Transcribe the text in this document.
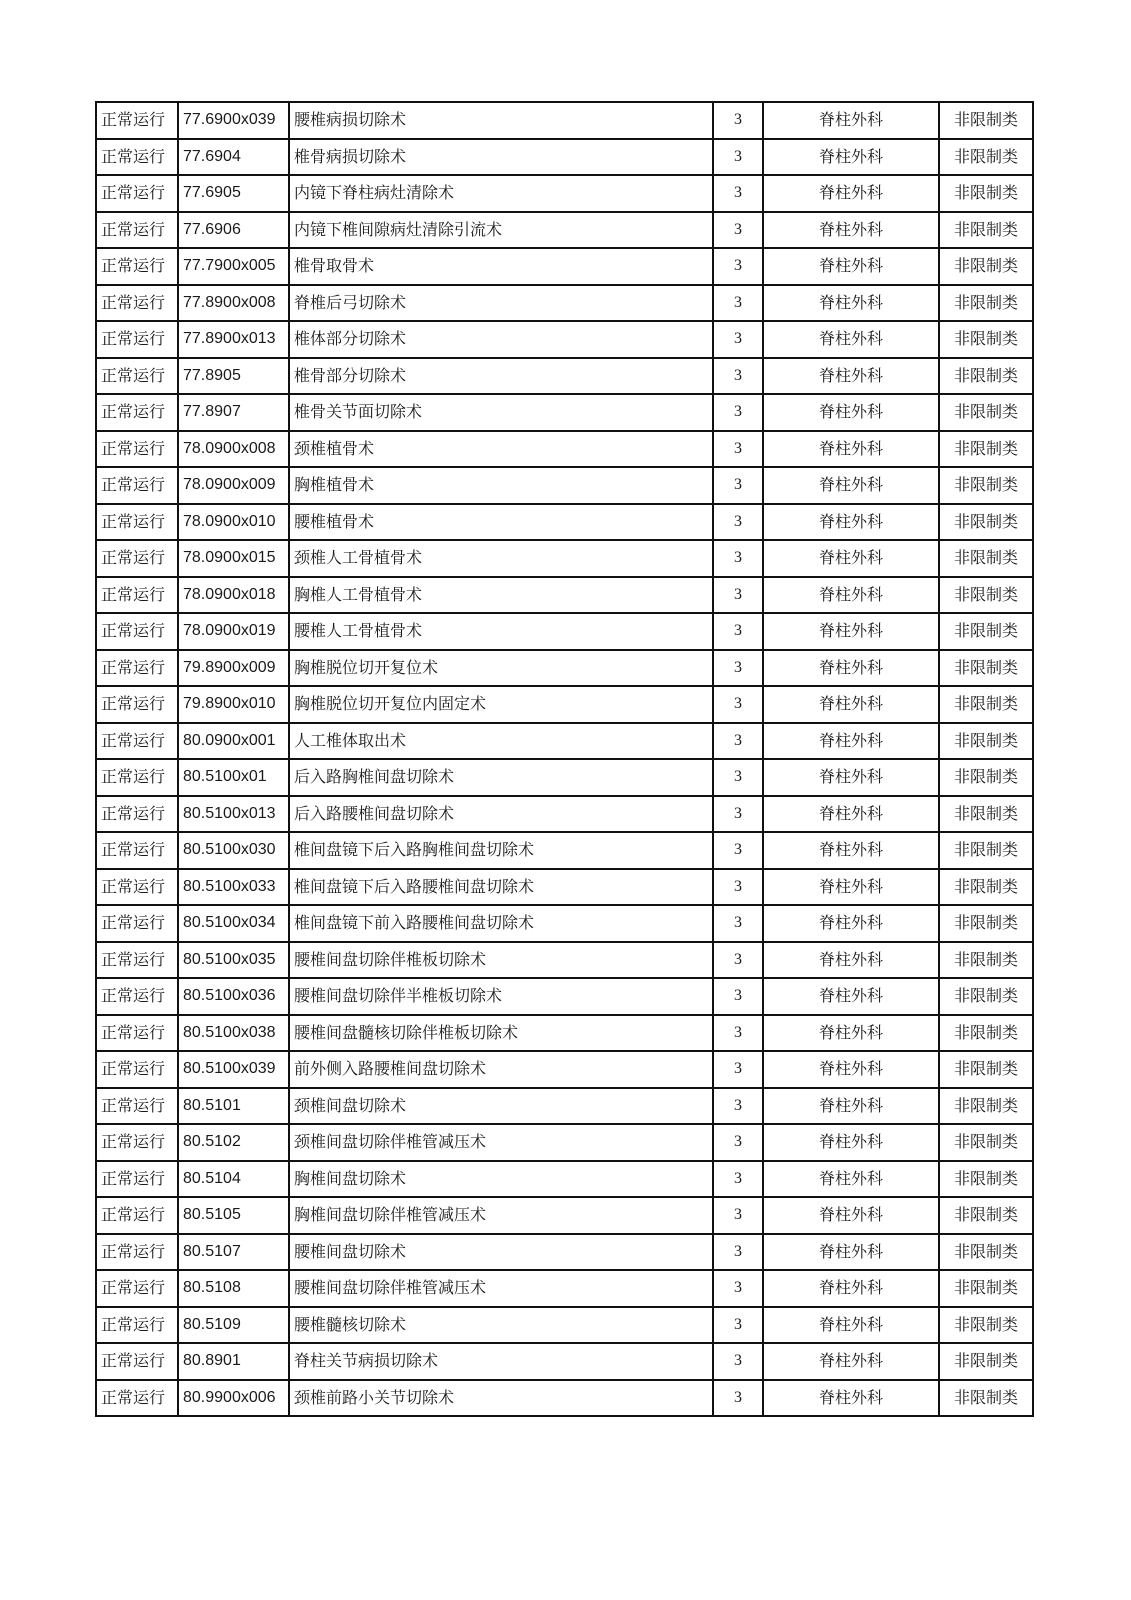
正常运行	77.6900x039	腰椎病损切除术	3	脊柱外科	非限制类
正常运行	77.6904	椎骨病损切除术	3	脊柱外科	非限制类
正常运行	77.6905	内镜下脊柱病灶清除术	3	脊柱外科	非限制类
正常运行	77.6906	内镜下椎间隙病灶清除引流术	3	脊柱外科	非限制类
正常运行	77.7900x005	椎骨取骨术	3	脊柱外科	非限制类
正常运行	77.8900x008	脊椎后弓切除术	3	脊柱外科	非限制类
正常运行	77.8900x013	椎体部分切除术	3	脊柱外科	非限制类
正常运行	77.8905	椎骨部分切除术	3	脊柱外科	非限制类
正常运行	77.8907	椎骨关节面切除术	3	脊柱外科	非限制类
正常运行	78.0900x008	颈椎植骨术	3	脊柱外科	非限制类
正常运行	78.0900x009	胸椎植骨术	3	脊柱外科	非限制类
正常运行	78.0900x010	腰椎植骨术	3	脊柱外科	非限制类
正常运行	78.0900x015	颈椎人工骨植骨术	3	脊柱外科	非限制类
正常运行	78.0900x018	胸椎人工骨植骨术	3	脊柱外科	非限制类
正常运行	78.0900x019	腰椎人工骨植骨术	3	脊柱外科	非限制类
正常运行	79.8900x009	胸椎脱位切开复位术	3	脊柱外科	非限制类
正常运行	79.8900x010	胸椎脱位切开复位内固定术	3	脊柱外科	非限制类
正常运行	80.0900x001	人工椎体取出术	3	脊柱外科	非限制类
正常运行	80.5100x01	后入路胸椎间盘切除术	3	脊柱外科	非限制类
正常运行	80.5100x013	后入路腰椎间盘切除术	3	脊柱外科	非限制类
正常运行	80.5100x030	椎间盘镜下后入路胸椎间盘切除术	3	脊柱外科	非限制类
正常运行	80.5100x033	椎间盘镜下后入路腰椎间盘切除术	3	脊柱外科	非限制类
正常运行	80.5100x034	椎间盘镜下前入路腰椎间盘切除术	3	脊柱外科	非限制类
正常运行	80.5100x035	腰椎间盘切除伴椎板切除术	3	脊柱外科	非限制类
正常运行	80.5100x036	腰椎间盘切除伴半椎板切除术	3	脊柱外科	非限制类
正常运行	80.5100x038	腰椎间盘髓核切除伴椎板切除术	3	脊柱外科	非限制类
正常运行	80.5100x039	前外侧入路腰椎间盘切除术	3	脊柱外科	非限制类
正常运行	80.5101	颈椎间盘切除术	3	脊柱外科	非限制类
正常运行	80.5102	颈椎间盘切除伴椎管减压术	3	脊柱外科	非限制类
正常运行	80.5104	胸椎间盘切除术	3	脊柱外科	非限制类
正常运行	80.5105	胸椎间盘切除伴椎管减压术	3	脊柱外科	非限制类
正常运行	80.5107	腰椎间盘切除术	3	脊柱外科	非限制类
正常运行	80.5108	腰椎间盘切除伴椎管减压术	3	脊柱外科	非限制类
正常运行	80.5109	腰椎髓核切除术	3	脊柱外科	非限制类
正常运行	80.8901	脊柱关节病损切除术	3	脊柱外科	非限制类
正常运行	80.9900x006	颈椎前路小关节切除术	3	脊柱外科	非限制类
